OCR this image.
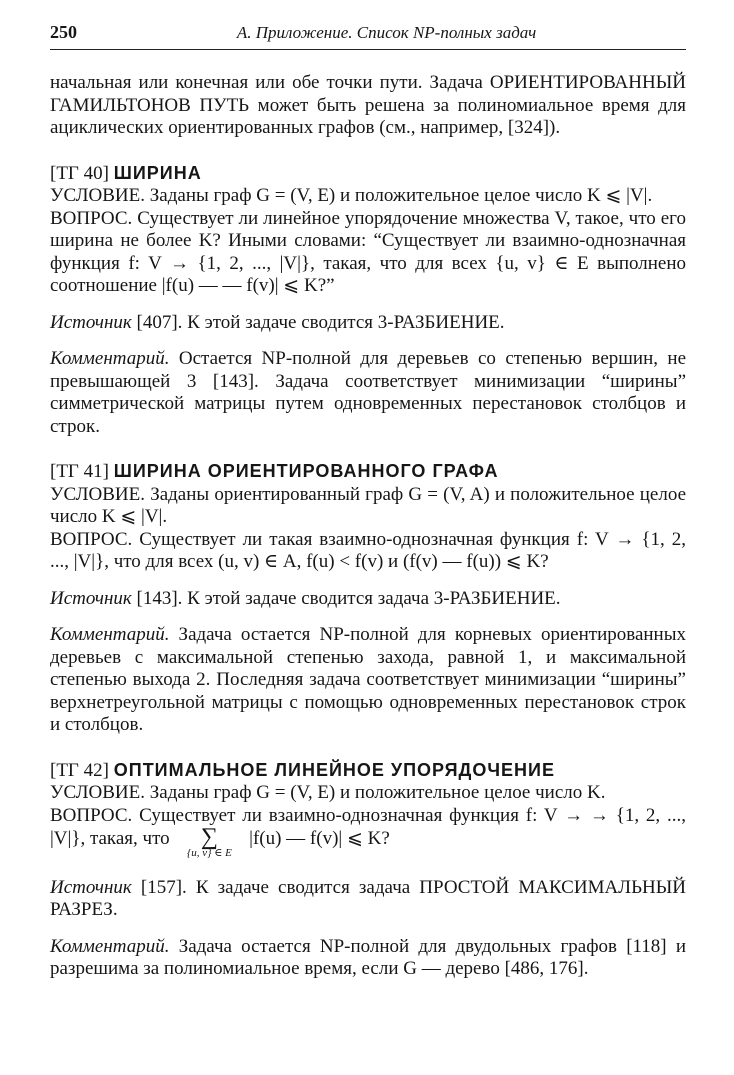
250	А. Приложение. Список NP-полных задач

начальная или конечная или обе точки пути. Задача ОРИЕНТИРОВАННЫЙ ГАМИЛЬТОНОВ ПУТЬ может быть решена за полиномиальное время для ациклических ориентированных графов (см., например, [324]).

[ТГ 40] ШИРИНА

УСЛОВИЕ. Заданы граф G = (V, E) и положительное целое число K ⩽ |V|.

ВОПРОС. Существует ли линейное упорядочение множества V, такое, что его ширина не более K? Иными словами: “Существует ли взаимно-однозначная функция f: V → {1, 2, ..., |V|}, такая, что для всех {u, v} ∈ E выполнено соотношение |f(u) — — f(v)| ⩽ K?”

Источник [407]. К этой задаче сводится 3-РАЗБИЕНИЕ.

Комментарий. Остается NP-полной для деревьев со степенью вершин, не превышающей 3 [143]. Задача соответствует минимизации “ширины” симметрической матрицы путем одновременных перестановок столбцов и строк.

[ТГ 41] ШИРИНА ОРИЕНТИРОВАННОГО ГРАФА

УСЛОВИЕ. Заданы ориентированный граф G = (V, A) и положительное целое число K ⩽ |V|.

ВОПРОС. Существует ли такая взаимно-однозначная функция f: V → {1, 2, ..., |V|}, что для всех (u, v) ∈ A, f(u) < f(v) и (f(v) — f(u)) ⩽ K?

Источник [143]. К этой задаче сводится задача 3-РАЗБИЕНИЕ.

Комментарий. Задача остается NP-полной для корневых ориентированных деревьев с максимальной степенью захода, равной 1, и максимальной степенью выхода 2. Последняя задача соответствует минимизации “ширины” верхнетреугольной матрицы с помощью одновременных перестановок строк и столбцов.

[ТГ 42] ОПТИМАЛЬНОЕ ЛИНЕЙНОЕ УПОРЯДОЧЕНИЕ

УСЛОВИЕ. Заданы граф G = (V, E) и положительное целое число K.

ВОПРОС. Существует ли взаимно-однозначная функция f: V → → {1, 2, ..., |V|}, такая, что ∑
{u, v} ∈ E
|f(u) — f(v)| ⩽ K?

Источник [157]. К задаче сводится задача ПРОСТОЙ МАКСИМАЛЬНЫЙ РАЗРЕЗ.

Комментарий. Задача остается NP-полной для двудольных графов [118] и разрешима за полиномиальное время, если G — дерево [486, 176].
